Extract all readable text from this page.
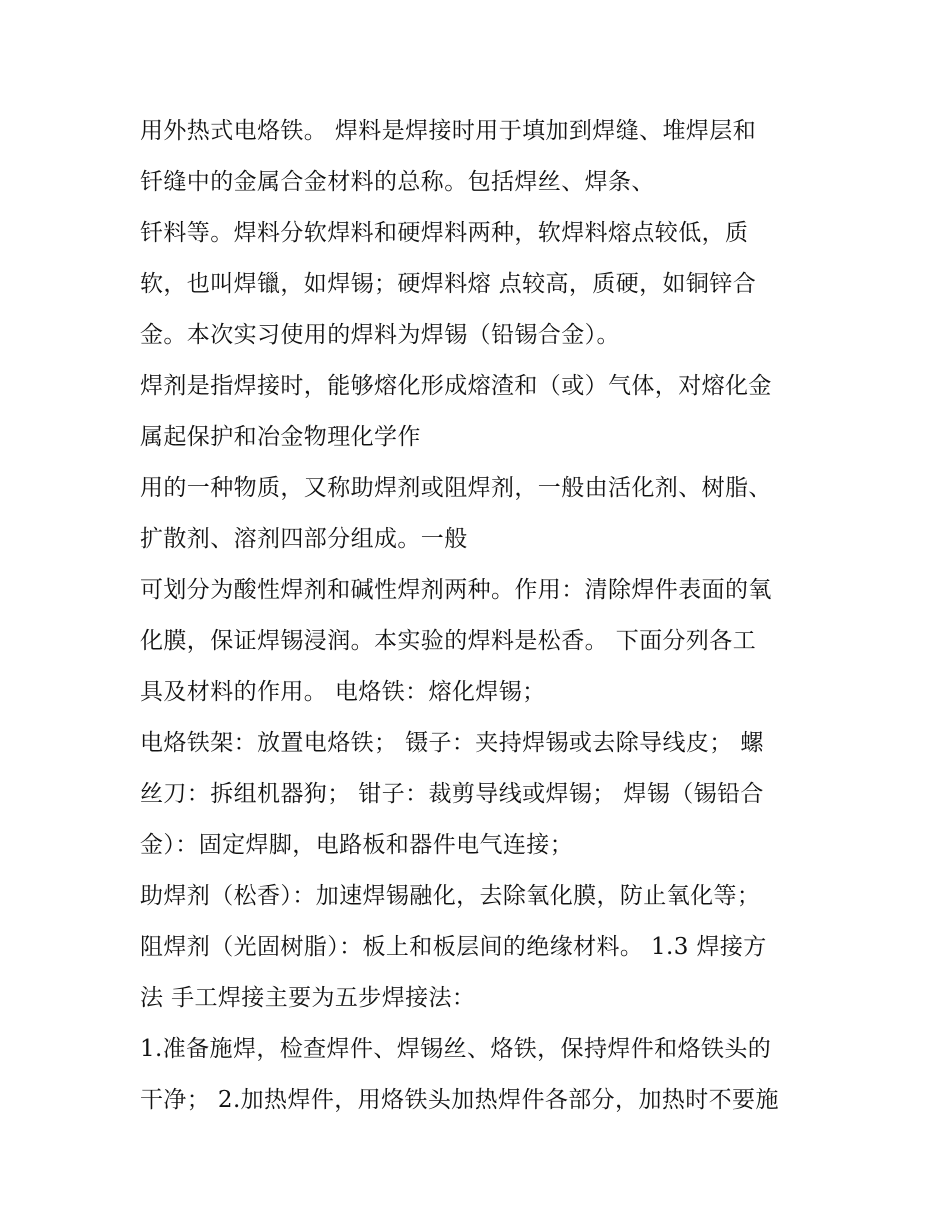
用外热式电烙铁。 焊料是焊接时用于填加到焊缝、堆焊层和
钎缝中的金属合金材料的总称。包括焊丝、焊条、
钎料等。焊料分软焊料和硬焊料两种，软焊料熔点较低，质
软，也叫焊镴，如焊锡；硬焊料熔 点较高，质硬，如铜锌合
金。本次实习使用的焊料为焊锡（铅锡合金）。
焊剂是指焊接时，能够熔化形成熔渣和（或）气体，对熔化金
属起保护和冶金物理化学作
用的一种物质，又称助焊剂或阻焊剂，一般由活化剂、树脂、
扩散剂、溶剂四部分组成。一般
可划分为酸性焊剂和碱性焊剂两种。作用：清除焊件表面的氧
化膜，保证焊锡浸润。本实验的焊料是松香。 下面分列各工
具及材料的作用。 电烙铁：熔化焊锡；
电烙铁架：放置电烙铁； 镊子：夹持焊锡或去除导线皮； 螺
丝刀：拆组机器狗； 钳子：裁剪导线或焊锡； 焊锡（锡铅合
金）：固定焊脚，电路板和器件电气连接；
助焊剂（松香）：加速焊锡融化，去除氧化膜，防止氧化等；
阻焊剂（光固树脂）：板上和板层间的绝缘材料。 1.3 焊接方
法 手工焊接主要为五步焊接法：
1.准备施焊，检查焊件、焊锡丝、烙铁，保持焊件和烙铁头的
干净； 2.加热焊件，用烙铁头加热焊件各部分，加热时不要施
